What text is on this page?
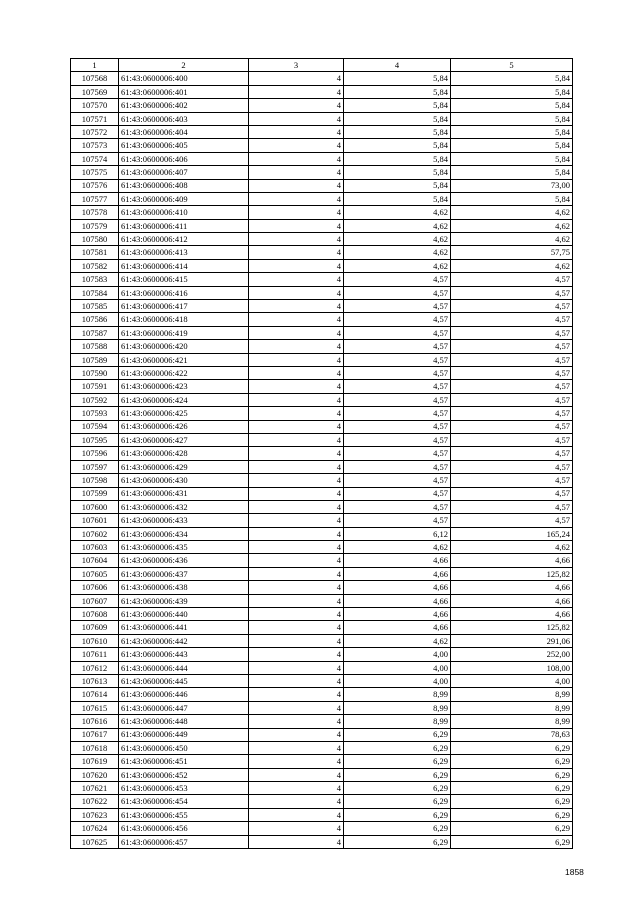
1	2	3	4	5
107568	61:43:0600006:400	4	5,84	5,84
107569	61:43:0600006:401	4	5,84	5,84
107570	61:43:0600006:402	4	5,84	5,84
107571	61:43:0600006:403	4	5,84	5,84
107572	61:43:0600006:404	4	5,84	5,84
107573	61:43:0600006:405	4	5,84	5,84
107574	61:43:0600006:406	4	5,84	5,84
107575	61:43:0600006:407	4	5,84	5,84
107576	61:43:0600006:408	4	5,84	73,00
107577	61:43:0600006:409	4	5,84	5,84
107578	61:43:0600006:410	4	4,62	4,62
107579	61:43:0600006:411	4	4,62	4,62
107580	61:43:0600006:412	4	4,62	4,62
107581	61:43:0600006:413	4	4,62	57,75
107582	61:43:0600006:414	4	4,62	4,62
107583	61:43:0600006:415	4	4,57	4,57
107584	61:43:0600006:416	4	4,57	4,57
107585	61:43:0600006:417	4	4,57	4,57
107586	61:43:0600006:418	4	4,57	4,57
107587	61:43:0600006:419	4	4,57	4,57
107588	61:43:0600006:420	4	4,57	4,57
107589	61:43:0600006:421	4	4,57	4,57
107590	61:43:0600006:422	4	4,57	4,57
107591	61:43:0600006:423	4	4,57	4,57
107592	61:43:0600006:424	4	4,57	4,57
107593	61:43:0600006:425	4	4,57	4,57
107594	61:43:0600006:426	4	4,57	4,57
107595	61:43:0600006:427	4	4,57	4,57
107596	61:43:0600006:428	4	4,57	4,57
107597	61:43:0600006:429	4	4,57	4,57
107598	61:43:0600006:430	4	4,57	4,57
107599	61:43:0600006:431	4	4,57	4,57
107600	61:43:0600006:432	4	4,57	4,57
107601	61:43:0600006:433	4	4,57	4,57
107602	61:43:0600006:434	4	6,12	165,24
107603	61:43:0600006:435	4	4,62	4,62
107604	61:43:0600006:436	4	4,66	4,66
107605	61:43:0600006:437	4	4,66	125,82
107606	61:43:0600006:438	4	4,66	4,66
107607	61:43:0600006:439	4	4,66	4,66
107608	61:43:0600006:440	4	4,66	4,66
107609	61:43:0600006:441	4	4,66	125,82
107610	61:43:0600006:442	4	4,62	291,06
107611	61:43:0600006:443	4	4,00	252,00
107612	61:43:0600006:444	4	4,00	108,00
107613	61:43:0600006:445	4	4,00	4,00
107614	61:43:0600006:446	4	8,99	8,99
107615	61:43:0600006:447	4	8,99	8,99
107616	61:43:0600006:448	4	8,99	8,99
107617	61:43:0600006:449	4	6,29	78,63
107618	61:43:0600006:450	4	6,29	6,29
107619	61:43:0600006:451	4	6,29	6,29
107620	61:43:0600006:452	4	6,29	6,29
107621	61:43:0600006:453	4	6,29	6,29
107622	61:43:0600006:454	4	6,29	6,29
107623	61:43:0600006:455	4	6,29	6,29
107624	61:43:0600006:456	4	6,29	6,29
107625	61:43:0600006:457	4	6,29	6,29
1858
